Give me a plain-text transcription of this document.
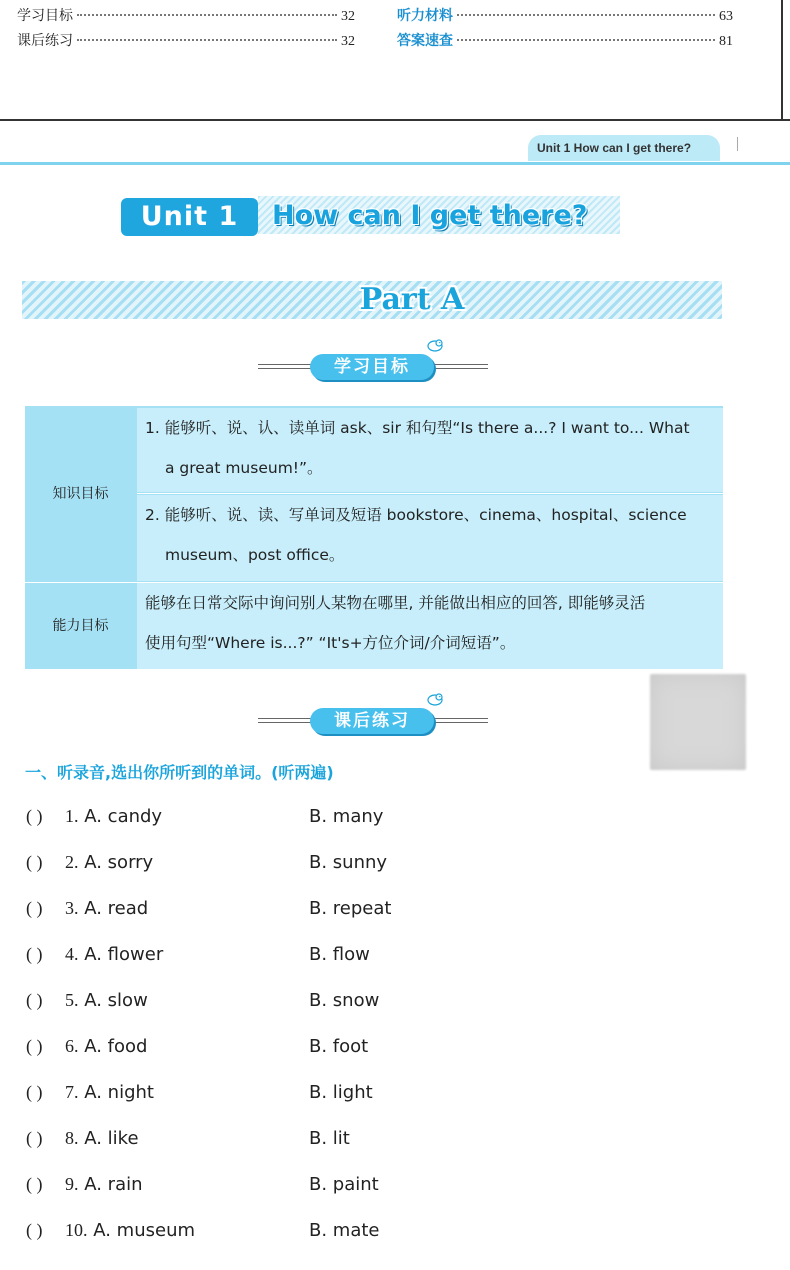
学习目标	32
课后练习	32
听力材料	63
答案速查	81
Unit 1 How can I get there?
Unit 1	How can I get there?
Part A
学习目标
知识目标
1. 能够听、说、认、读单词 ask、sir 和句型“Is there a...? I want to... What
a great museum!”。
2. 能够听、说、读、写单词及短语 bookstore、cinema、hospital、science
museum、post office。
能力目标
能够在日常交际中询问别人某物在哪里, 并能做出相应的回答, 即能够灵活
使用句型“Where is...?” “It's+方位介词/介词短语”。
课后练习
一、听录音,选出你所听到的单词。(听两遍)
( ) 1. A. candy	B. many
( ) 2. A. sorry	B. sunny
( ) 3. A. read	B. repeat
( ) 4. A. flower	B. flow
( ) 5. A. slow	B. snow
( ) 6. A. food	B. foot
( ) 7. A. night	B. light
( ) 8. A. like	B. lit
( ) 9. A. rain	B. paint
( ) 10. A. museum	B. mate
